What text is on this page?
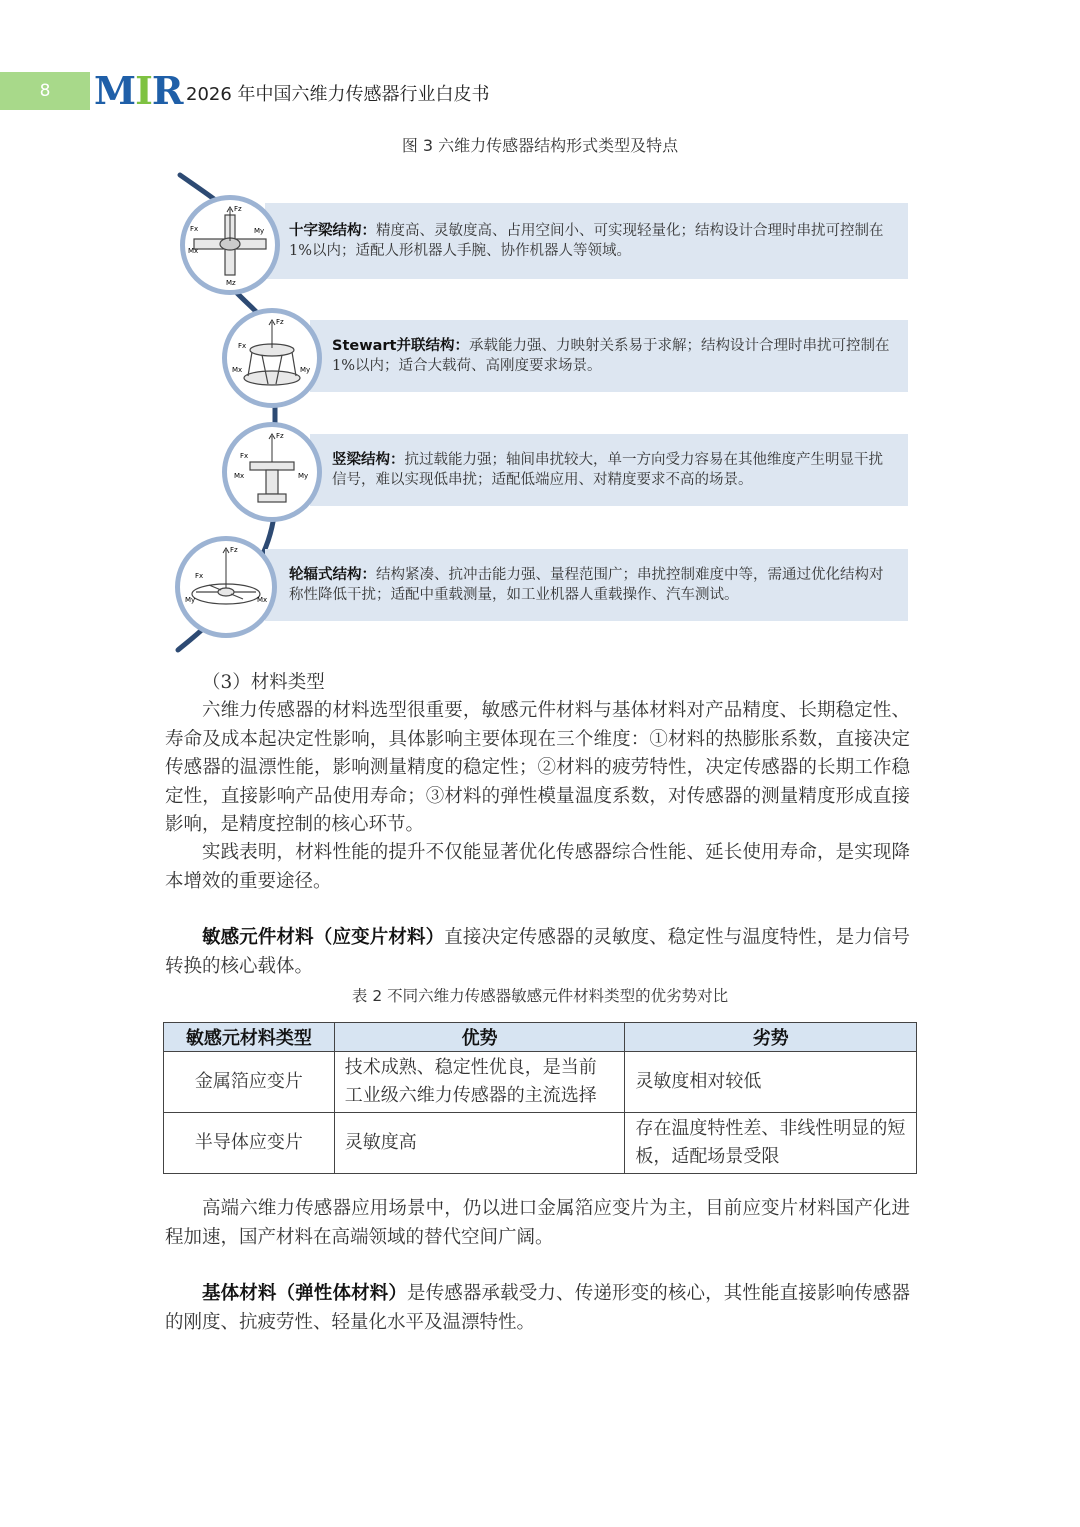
8	MIR 2026 年中国六维力传感器行业白皮书
图 3 六维力传感器结构形式类型及特点
十字梁结构：精度高、灵敏度高、占用空间小、可实现轻量化；结构设计合理时串扰可控制在1%以内；适配人形机器人手腕、协作机器人等领域。
Fz
Fx
Mx
My
Mz
Stewart并联结构：承载能力强、力映射关系易于求解；结构设计合理时串扰可控制在1%以内；适合大载荷、高刚度要求场景。
Fz
Fx
Mx	My
竖梁结构：抗过载能力强；轴间串扰较大，单一方向受力容易在其他维度产生明显干扰信号，难以实现低串扰；适配低端应用、对精度要求不高的场景。
Fz
Fx
Mx	My
轮辐式结构：结构紧凑、抗冲击能力强、量程范围广；串扰控制难度中等，需通过优化结构对称性降低干扰；适配中重载测量，如工业机器人重载操作、汽车测试。
Fz
Fx
My	Mx
（3）材料类型
六维力传感器的材料选型很重要，敏感元件材料与基体材料对产品精度、长期稳定性、寿命及成本起决定性影响，具体影响主要体现在三个维度：①材料的热膨胀系数，直接决定传感器的温漂性能，影响测量精度的稳定性；②材料的疲劳特性，决定传感器的长期工作稳定性，直接影响产品使用寿命；③材料的弹性模量温度系数，对传感器的测量精度形成直接影响，是精度控制的核心环节。
实践表明，材料性能的提升不仅能显著优化传感器综合性能、延长使用寿命，是实现降本增效的重要途径。
敏感元件材料（应变片材料）直接决定传感器的灵敏度、稳定性与温度特性，是力信号转换的核心载体。
表 2 不同六维力传感器敏感元件材料类型的优劣势对比
敏感元材料类型	优势	劣势
金属箔应变片	技术成熟、稳定性优良，是当前工业级六维力传感器的主流选择	灵敏度相对较低
半导体应变片	灵敏度高	存在温度特性差、非线性明显的短板，适配场景受限
高端六维力传感器应用场景中，仍以进口金属箔应变片为主，目前应变片材料国产化进程加速，国产材料在高端领域的替代空间广阔。
基体材料（弹性体材料）是传感器承载受力、传递形变的核心，其性能直接影响传感器的刚度、抗疲劳性、轻量化水平及温漂特性。
